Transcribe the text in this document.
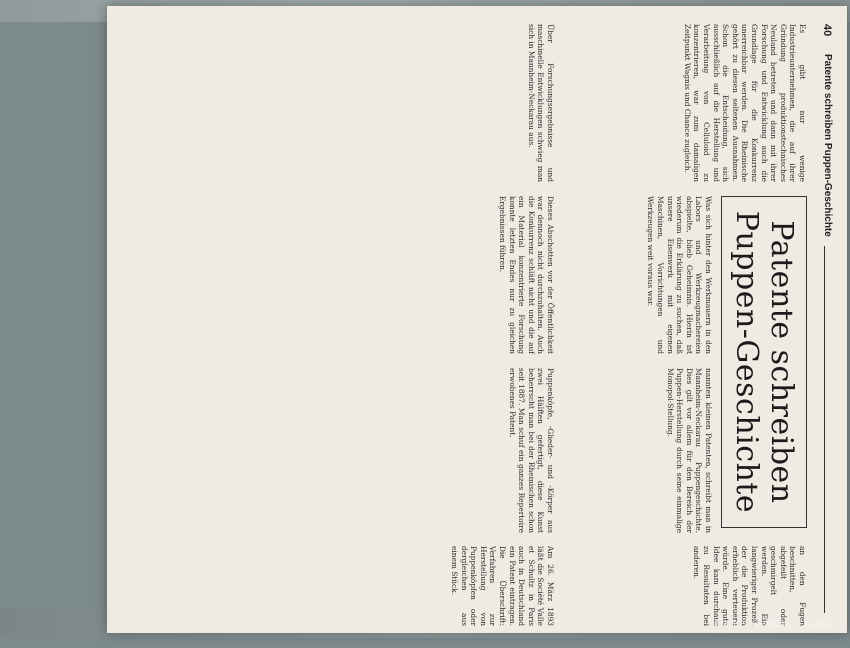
40
Patente schreiben Puppen-Geschichte

Es gibt nur wenige Industrieunternehmen, die auf ihrer Gründung produktionstechnisches Neuland betreten und dann mit ihrer Forschung und Entwicklung auch die Grundlage für die Konkurrenz unerreichbar werden. Die Rheinische gehört zu diesen seltenen Ausnahmen. Schon die Entscheidung, sich ausschließlich auf die Herstellung und Verarbeitung von Celluloid zu konzentrieren, war zum damaligen Zeitpunkt Wagnis und Chance zugleich.

Patente schreiben
Puppen-Geschichte

Was sich hinter den Werkmauern in den Labors und Werkzeugmachereien abspielte, blieb Geheimnis. Hierin ist wiederum die Erklärung zu suchen, daß unsere Eisenwerk mit eigenen Maschinen, Vorrichtungen und Werkzeugen weit voraus war.

nannten kleinen Patenten, schreibt man in Mannheim-Neckarau Puppengeschichte. Dies gilt vor allem für den Bereich der Puppen-Herstellung durch seine einmalige Monopol-Stellung.

an den Fugen beschnitten, abgefeilt oder geschmirgelt werden. Ein langwieriger Prozeß, der die Produktion erheblich verteuern würde. Eine gute Idee kam durchaus zu Resultaten bei anderen.

Über Forschungsergebnisse und maschinelle Entwicklungen schwieg man sich in Mannheim-Neckarau aus.

Dieses Abschotten vor der Öffentlichkeit war dennoch nicht durchzuhalten. Auch die Konkurrenz schläft nicht und die auf ein Material konzentrierte Forschung konnte letzten Endes nur zu gleichen Ergebnissen führen.

Puppenköpfe, -Glieder- und -Körper aus zwei Hälften gefertigt, diese Kunst beherrscht man bei der Rheinischen schon seit 1887. Man schuf ein ganzes Repertoire erwobenes Patent.

Am 26. März 1893 läßt die Société Valle et Schultz in Paris auch in Deutschland ein Patent eintragen. Die Überschrift: Verfahren zur Herstellung von Puppenköpfen oder dergleichen aus einem Stück.

Frensis • Бэйбики • babiki.ru
